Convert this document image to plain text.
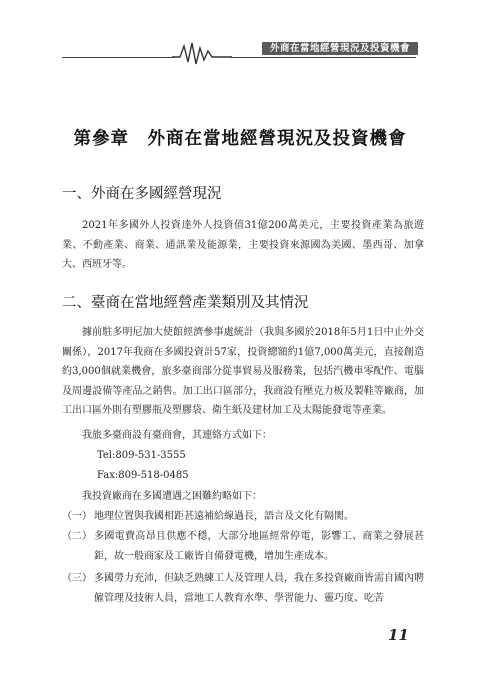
外商在當地經營現況及投資機會
第參章　外商在當地經營現況及投資機會
一、外商在多國經營現況
2021年多國外人投資達外人投資值31億200萬美元，主要投資產業為旅遊業、不動產業、商業、通訊業及能源業，主要投資來源國為美國、墨西哥、加拿大、西班牙等。
二、臺商在當地經營產業類別及其情況
據前駐多明尼加大使館經濟參事處統計（我與多國於2018年5月1日中止外交關係），2017年我商在多國投資計57家，投資總額約1億7,000萬美元，直接創造約3,000個就業機會，旅多臺商部分從事貿易及服務業，包括汽機車零配件、電腦及周邊設備等產品之銷售。加工出口區部分，我商設有壓克力板及製鞋等廠商，加工出口區外則有塑膠瓶及塑膠袋、衛生紙及建材加工及太陽能發電等產業。
我旅多臺商設有臺商會，其連絡方式如下：
Tel:809-531-3555
Fax:809-518-0485
我投資廠商在多國遭遇之困難約略如下：
（一） 地理位置與我國相距甚遠補給線過長，語言及文化有隔閡。
（二） 多國電費高昂且供應不穩，大部分地區經常停電，影響工、商業之發展甚鉅，故一般商家及工廠皆自備發電機，增加生產成本。
（三） 多國勞力充沛，但缺乏熟練工人及管理人員，我在多投資廠商皆需自國內聘僱管理及技術人員，當地工人教育水準、學習能力、靈巧度、吃苦
11
